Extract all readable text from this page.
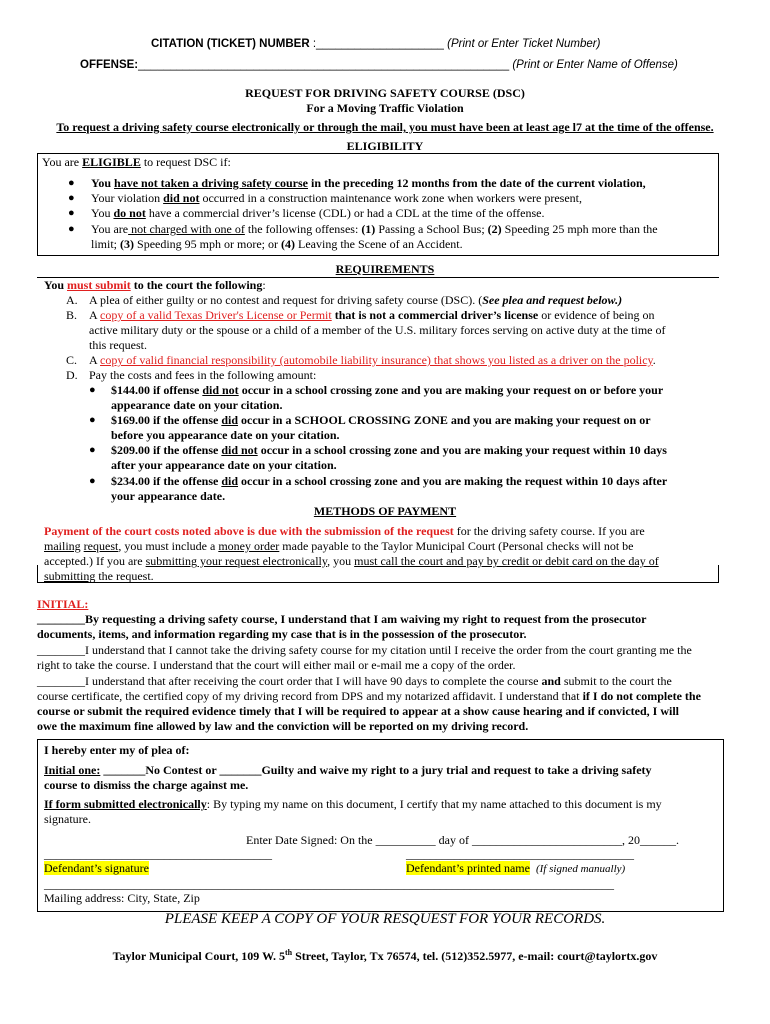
CITATION (TICKET) NUMBER :____________________ (Print or Enter Ticket Number)
OFFENSE:__________________________________________________________ (Print or Enter Name of Offense)
REQUEST FOR DRIVING SAFETY COURSE (DSC)
For a Moving Traffic Violation
To request a driving safety course electronically or through the mail, you must have been at least age l7 at the time of the offense.
ELIGIBILITY
You are ELIGIBLE to request DSC if:
● You have not taken a driving safety course in the preceding 12 months from the date of the current violation,
● Your violation did not occurred in a construction maintenance work zone when workers were present,
● You do not have a commercial driver’s license (CDL) or had a CDL at the time of the offense.
● You are not charged with one of the following offenses: (1) Passing a School Bus; (2) Speeding 25 mph more than the
limit; (3) Speeding 95 mph or more; or (4) Leaving the Scene of an Accident.
REQUIREMENTS
You must submit to the court the following:
A. A plea of either guilty or no contest and request for driving safety course (DSC). (See plea and request below.)
B. A copy of a valid Texas Driver's License or Permit that is not a commercial driver’s license or evidence of being on
active military duty or the spouse or a child of a member of the U.S. military forces serving on active duty at the time of
this request.
C. A copy of valid financial responsibility (automobile liability insurance) that shows you listed as a driver on the policy.
D. Pay the costs and fees in the following amount:
● $144.00 if offense did not occur in a school crossing zone and you are making your request on or before your
appearance date on your citation.
● $169.00 if the offense did occur in a SCHOOL CROSSING ZONE and you are making your request on or
before you appearance date on your citation.
● $209.00 if the offense did not occur in a school crossing zone and you are making your request within 10 days
after your appearance date on your citation.
● $234.00 if the offense did occur in a school crossing zone and you are making the request within 10 days after
your appearance date.
METHODS OF PAYMENT
Payment of the court costs noted above is due with the submission of the request for the driving safety course. If you are
mailing request, you must include a money order made payable to the Taylor Municipal Court (Personal checks will not be
accepted.) If you are submitting your request electronically, you must call the court and pay by credit or debit card on the day of
submitting the request.
INITIAL:
________By requesting a driving safety course, I understand that I am waiving my right to request from the prosecutor
documents, items, and information regarding my case that is in the possession of the prosecutor.
________I understand that I cannot take the driving safety course for my citation until I receive the order from the court granting me the
right to take the course. I understand that the court will either mail or e-mail me a copy of the order.
________I understand that after receiving the court order that I will have 90 days to complete the course and submit to the court the
course certificate, the certified copy of my driving record from DPS and my notarized affidavit. I understand that if I do not complete the
course or submit the required evidence timely that I will be required to appear at a show cause hearing and if convicted, I will
owe the maximum fine allowed by law and the conviction will be reported on my driving record.
I hereby enter my of plea of:
Initial one: _______No Contest or _______Guilty and waive my right to a jury trial and request to take a driving safety
course to dismiss the charge against me.
If form submitted electronically: By typing my name on this document, I certify that my name attached to this document is my
signature.
Enter Date Signed: On the __________ day of _________________________, 20______.
______________________________________	______________________________________
Defendant’s signature	Defendant’s printed name (If signed manually)
_______________________________________________________________________________________________
Mailing address: City, State, Zip
PLEASE KEEP A COPY OF YOUR RESQUEST FOR YOUR RECORDS.
Taylor Municipal Court, 109 W. 5th Street, Taylor, Tx 76574, tel. (512)352.5977, e-mail: court@taylortx.gov
